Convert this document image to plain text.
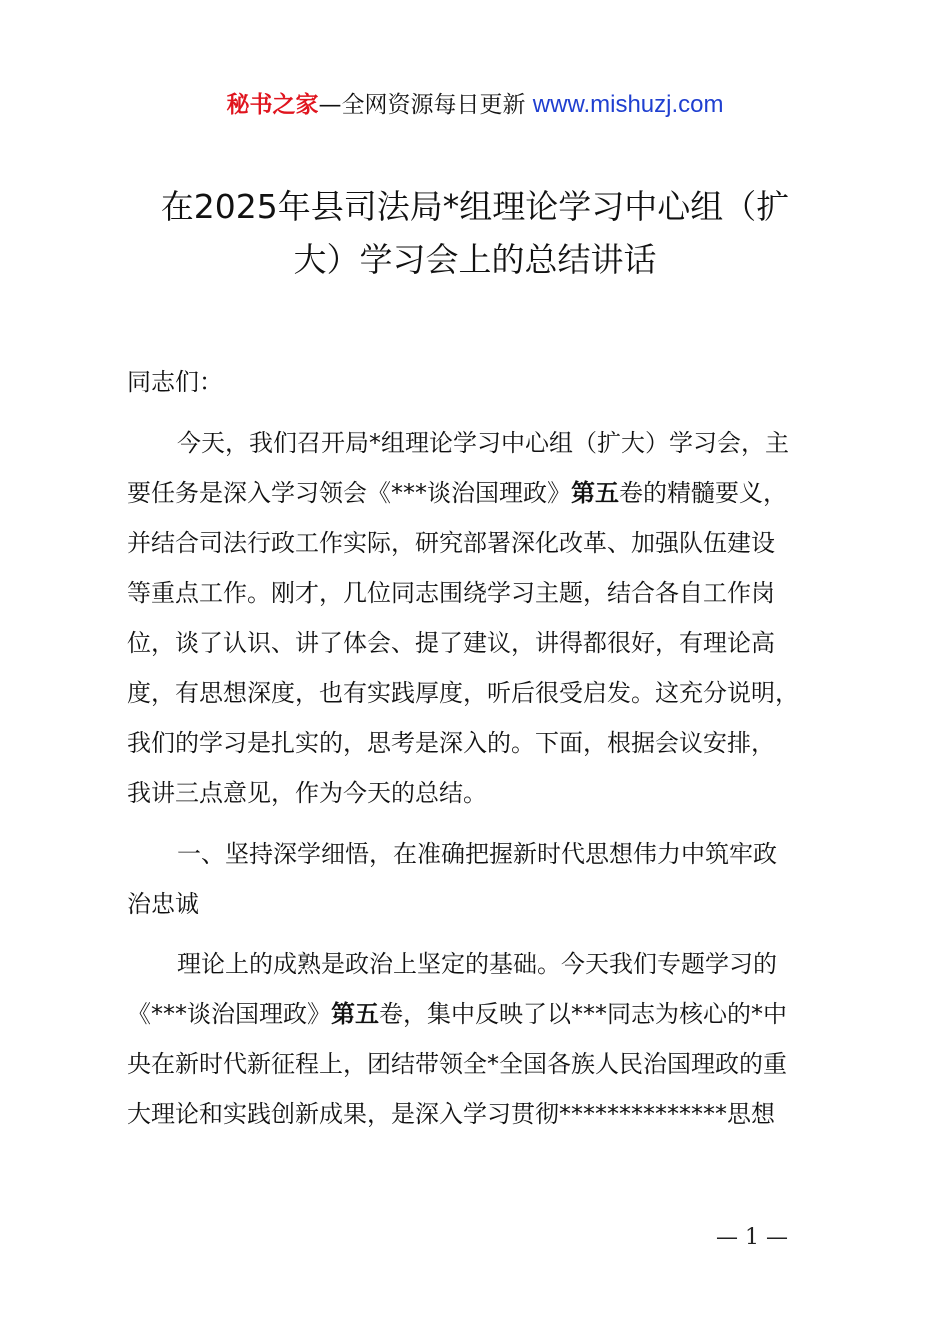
秘书之家—全网资源每日更新 www.mishuzj.com
在2025年县司法局*组理论学习中心组（扩
大）学习会上的总结讲话
同志们：
今天，我们召开局*组理论学习中心组（扩大）学习会，主
要任务是深入学习领会《***谈治国理政》第五卷的精髓要义，
并结合司法行政工作实际，研究部署深化改革、加强队伍建设
等重点工作。刚才，几位同志围绕学习主题，结合各自工作岗
位，谈了认识、讲了体会、提了建议，讲得都很好，有理论高
度，有思想深度，也有实践厚度，听后很受启发。这充分说明，
我们的学习是扎实的，思考是深入的。下面，根据会议安排，
我讲三点意见，作为今天的总结。
一、坚持深学细悟，在准确把握新时代思想伟力中筑牢政
治忠诚
理论上的成熟是政治上坚定的基础。今天我们专题学习的
《***谈治国理政》第五卷，集中反映了以***同志为核心的*中
央在新时代新征程上，团结带领全*全国各族人民治国理政的重
大理论和实践创新成果，是深入学习贯彻**************思想
— 1 —
